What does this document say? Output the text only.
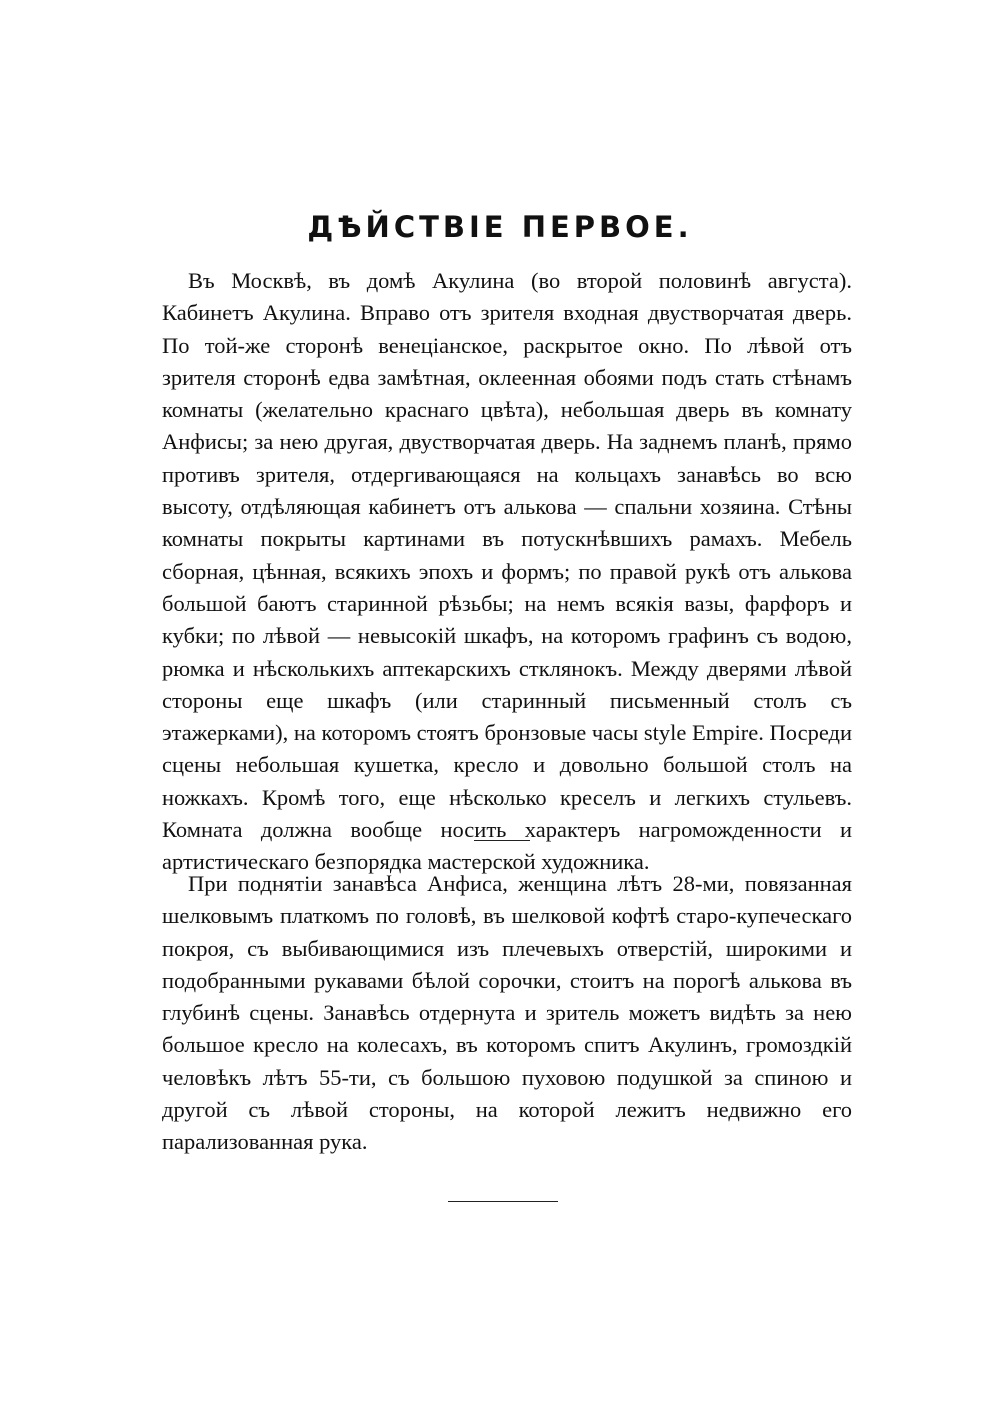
ДѢЙСТВІЕ ПЕРВОЕ.

Въ Москвѣ, въ домѣ Акулина (во второй половинѣ августа). Кабинетъ Акулина. Вправо отъ зрителя входная двустворчатая дверь. По той-же сторонѣ венеціанское, раскрытое окно. По лѣвой отъ зрителя сторонѣ едва замѣтная, оклеенная обоями подъ стать стѣнамъ комнаты (желательно краснаго цвѣта), небольшая дверь въ комнату Анфисы; за нею другая, двустворчатая дверь. На заднемъ планѣ, прямо противъ зрителя, отдергивающаяся на кольцахъ занавѣсь во всю высоту, отдѣляющая кабинетъ отъ алькова — спальни хозяина. Стѣны комнаты покрыты картинами въ потускнѣвшихъ рамахъ. Мебель сборная, цѣнная, всякихъ эпохъ и формъ; по правой рукѣ отъ алькова большой баютъ старинной рѣзьбы; на немъ всякія вазы, фарфоръ и кубки; по лѣвой — невысокій шкафъ, на которомъ графинъ съ водою, рюмка и нѣсколькихъ аптекарскихъ стклянокъ. Между дверями лѣвой стороны еще шкафъ (или старинный письменный столъ съ этажерками), на которомъ стоятъ бронзовые часы style Empire. Посреди сцены небольшая кушетка, кресло и довольно большой столъ на ножкахъ. Кромѣ того, еще нѣсколько креселъ и легкихъ стульевъ. Комната должна вообще носить характеръ нагроможденности и артистическаго безпорядка мастерской художника.

При поднятіи занавѣса Анфиса, женщина лѣтъ 28-ми, повязанная шелковымъ платкомъ по головѣ, въ шелковой кофтѣ старо-купеческаго покроя, съ выбивающимися изъ плечевыхъ отверстій, широкими и подобранными рукавами бѣлой сорочки, стоитъ на порогѣ алькова въ глубинѣ сцены. Занавѣсь отдернута и зритель можетъ видѣть за нею большое кресло на колесахъ, въ которомъ спитъ Акулинъ, громоздкій человѣкъ лѣтъ 55-ти, съ большою пуховою подушкой за спиною и другой съ лѣвой стороны, на которой лежитъ недвижно его парализованная рука.
